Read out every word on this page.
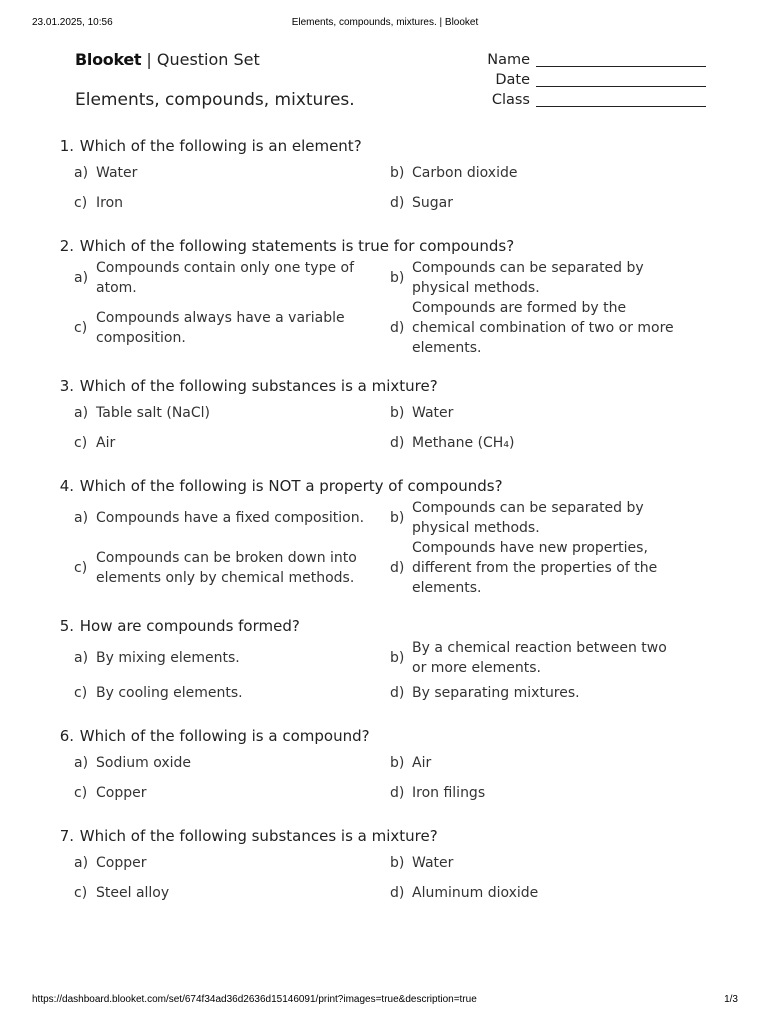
23.01.2025, 10:56	Elements, compounds, mixtures. | Blooket
Blooket | Question Set
Elements, compounds, mixtures.
Name
Date
Class
1. Which of the following is an element?
a) Water	b) Carbon dioxide
c) Iron	d) Sugar
2. Which of the following statements is true for compounds?
a)
Compounds contain only one type of atom.
b)
Compounds can be separated by physical methods.
c)
Compounds always have a variable composition.
d)
Compounds are formed by the chemical combination of two or more elements.
3. Which of the following substances is a mixture?
a) Table salt (NaCl)	b) Water
c) Air	d) Methane (CH₄)
4. Which of the following is NOT a property of compounds?
a) Compounds have a fixed composition. b)
Compounds can be separated by physical methods.
c)
Compounds can be broken down into elements only by chemical methods.
d)
Compounds have new properties, different from the properties of the elements.
5. How are compounds formed?
a) By mixing elements.	b)
By a chemical reaction between two or more elements.
c) By cooling elements.	d) By separating mixtures.
6. Which of the following is a compound?
a) Sodium oxide	b) Air
c) Copper	d) Iron filings
7. Which of the following substances is a mixture?
a) Copper	b) Water
c) Steel alloy	d) Aluminum dioxide
https://dashboard.blooket.com/set/674f34ad36d2636d15146091/print?images=true&description=true	1/3
